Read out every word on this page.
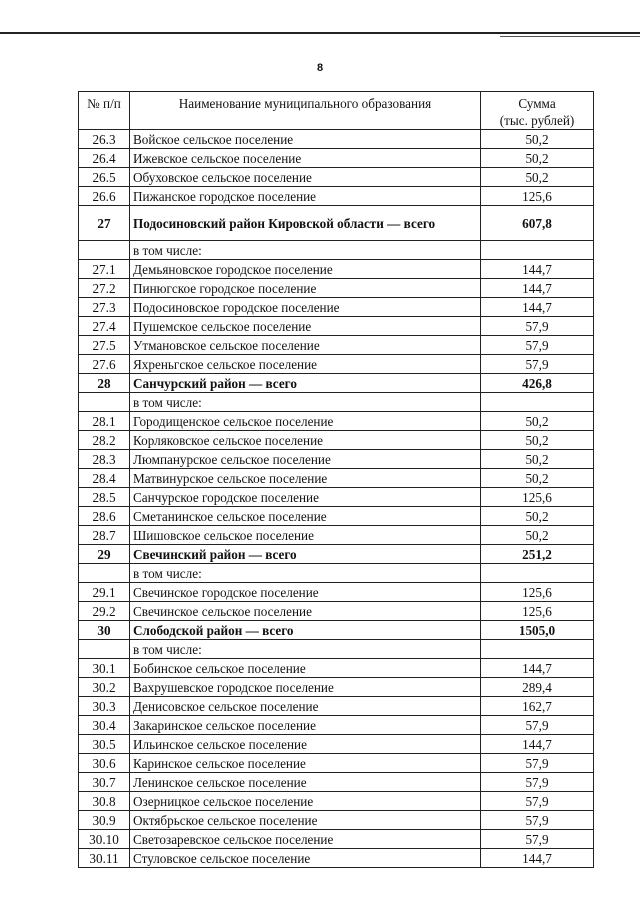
8
№ п/п	Наименование муниципального образования	Сумма
(тыс. рублей)

26.3	Войское сельское поселение	50,2
26.4	Ижевское сельское поселение	50,2
26.5	Обуховское сельское поселение	50,2
26.6	Пижанское городское поселение	125,6
27	Подосиновский район Кировской области — всего	607,8
	в том числе:	
27.1	Демьяновское городское поселение	144,7
27.2	Пинюгское городское поселение	144,7
27.3	Подосиновское городское поселение	144,7
27.4	Пушемское сельское поселение	57,9
27.5	Утмановское сельское поселение	57,9
27.6	Яхреньгское сельское поселение	57,9
28	Санчурский район — всего	426,8
	в том числе:	
28.1	Городищенское сельское поселение	50,2
28.2	Корляковское сельское поселение	50,2
28.3	Люмпанурское сельское поселение	50,2
28.4	Матвинурское сельское поселение	50,2
28.5	Санчурское городское поселение	125,6
28.6	Сметанинское сельское поселение	50,2
28.7	Шишовское сельское поселение	50,2
29	Свечинский район — всего	251,2
	в том числе:	
29.1	Свечинское городское поселение	125,6
29.2	Свечинское сельское поселение	125,6
30	Слободской район — всего	1505,0
	в том числе:	
30.1	Бобинское сельское поселение	144,7
30.2	Вахрушевское городское поселение	289,4
30.3	Денисовское сельское поселение	162,7
30.4	Закаринское сельское поселение	57,9
30.5	Ильинское сельское поселение	144,7
30.6	Каринское сельское поселение	57,9
30.7	Ленинское сельское поселение	57,9
30.8	Озерницкое сельское поселение	57,9
30.9	Октябрьское сельское поселение	57,9
30.10	Светозаревское сельское поселение	57,9
30.11	Стуловское сельское поселение	144,7
